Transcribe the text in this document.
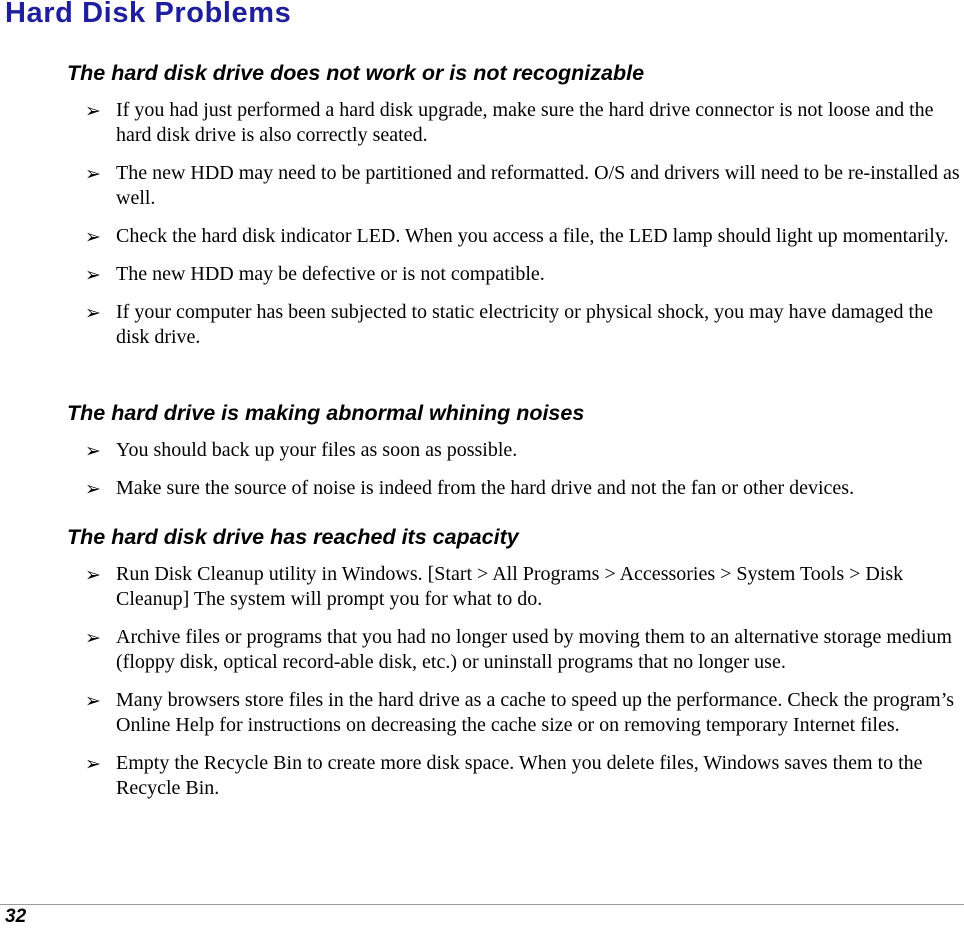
Hard Disk Problems
The hard disk drive does not work or is not recognizable
➢ If you had just performed a hard disk upgrade, make sure the hard drive connector is not loose and the hard disk drive is also correctly seated.
➢ The new HDD may need to be partitioned and reformatted. O/S and drivers will need to be re-installed as well.
➢ Check the hard disk indicator LED. When you access a file, the LED lamp should light up momentarily.
➢ The new HDD may be defective or is not compatible.
➢ If your computer has been subjected to static electricity or physical shock, you may have damaged the disk drive.
The hard drive is making abnormal whining noises
➢ You should back up your files as soon as possible.
➢ Make sure the source of noise is indeed from the hard drive and not the fan or other devices.
The hard disk drive has reached its capacity
➢ Run Disk Cleanup utility in Windows. [Start > All Programs > Accessories > System Tools > Disk Cleanup] The system will prompt you for what to do.
➢ Archive files or programs that you had no longer used by moving them to an alternative storage medium (floppy disk, optical record-able disk, etc.) or uninstall programs that no longer use.
➢ Many browsers store files in the hard drive as a cache to speed up the performance. Check the program’s Online Help for instructions on decreasing the cache size or on removing temporary Internet files.
➢ Empty the Recycle Bin to create more disk space. When you delete files, Windows saves them to the Recycle Bin.
32
